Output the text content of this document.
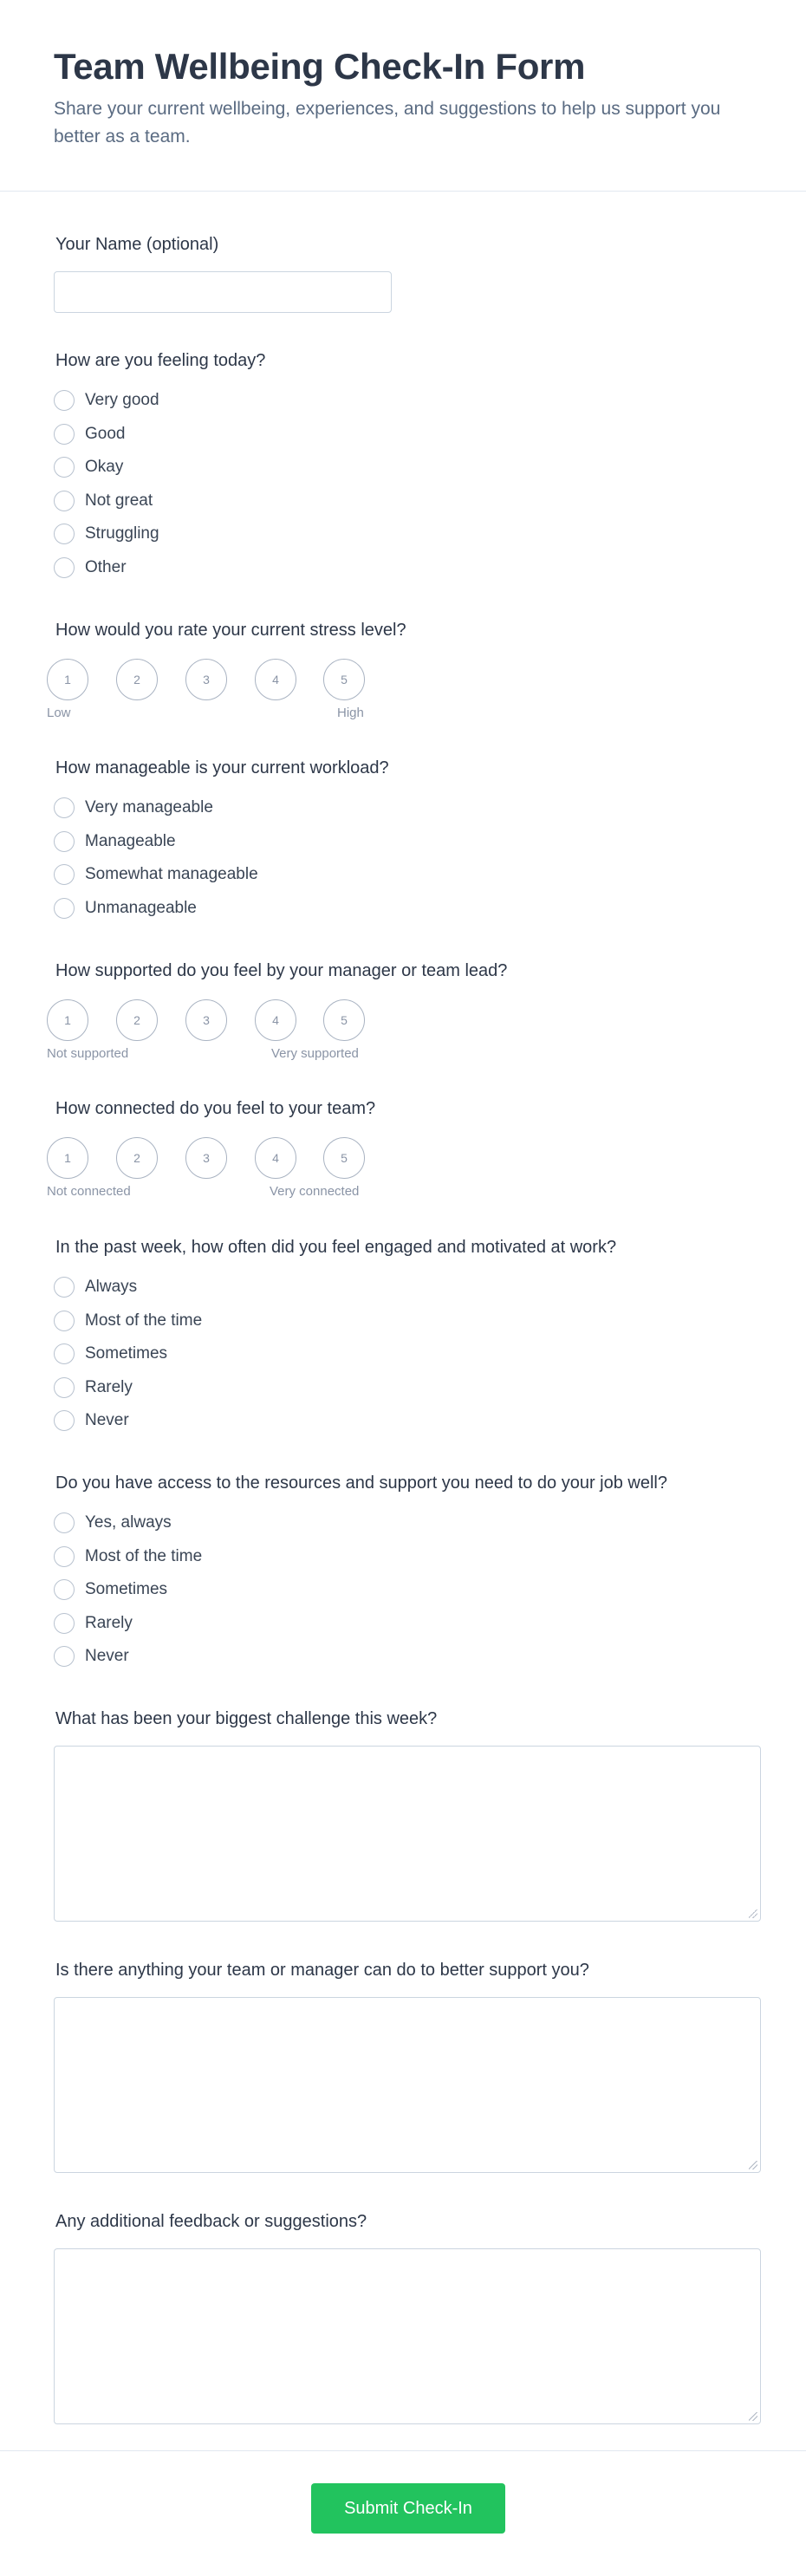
Team Wellbeing Check-In Form

Share your current wellbeing, experiences, and suggestions to help us support you better as a team.

Your Name (optional)
How are you feeling today?
Very good
Good
Okay
Not great
Struggling
Other
How would you rate your current stress level?
1	2	3	4	5
Low	High
How manageable is your current workload?
Very manageable
Manageable
Somewhat manageable
Unmanageable
How supported do you feel by your manager or team lead?
1	2	3	4	5
Not supported	Very supported
How connected do you feel to your team?
1	2	3	4	5
Not connected	Very connected
In the past week, how often did you feel engaged and motivated at work?
Always
Most of the time
Sometimes
Rarely
Never
Do you have access to the resources and support you need to do your job well?
Yes, always
Most of the time
Sometimes
Rarely
Never
What has been your biggest challenge this week?
Is there anything your team or manager can do to better support you?
Any additional feedback or suggestions?
Submit Check-In
